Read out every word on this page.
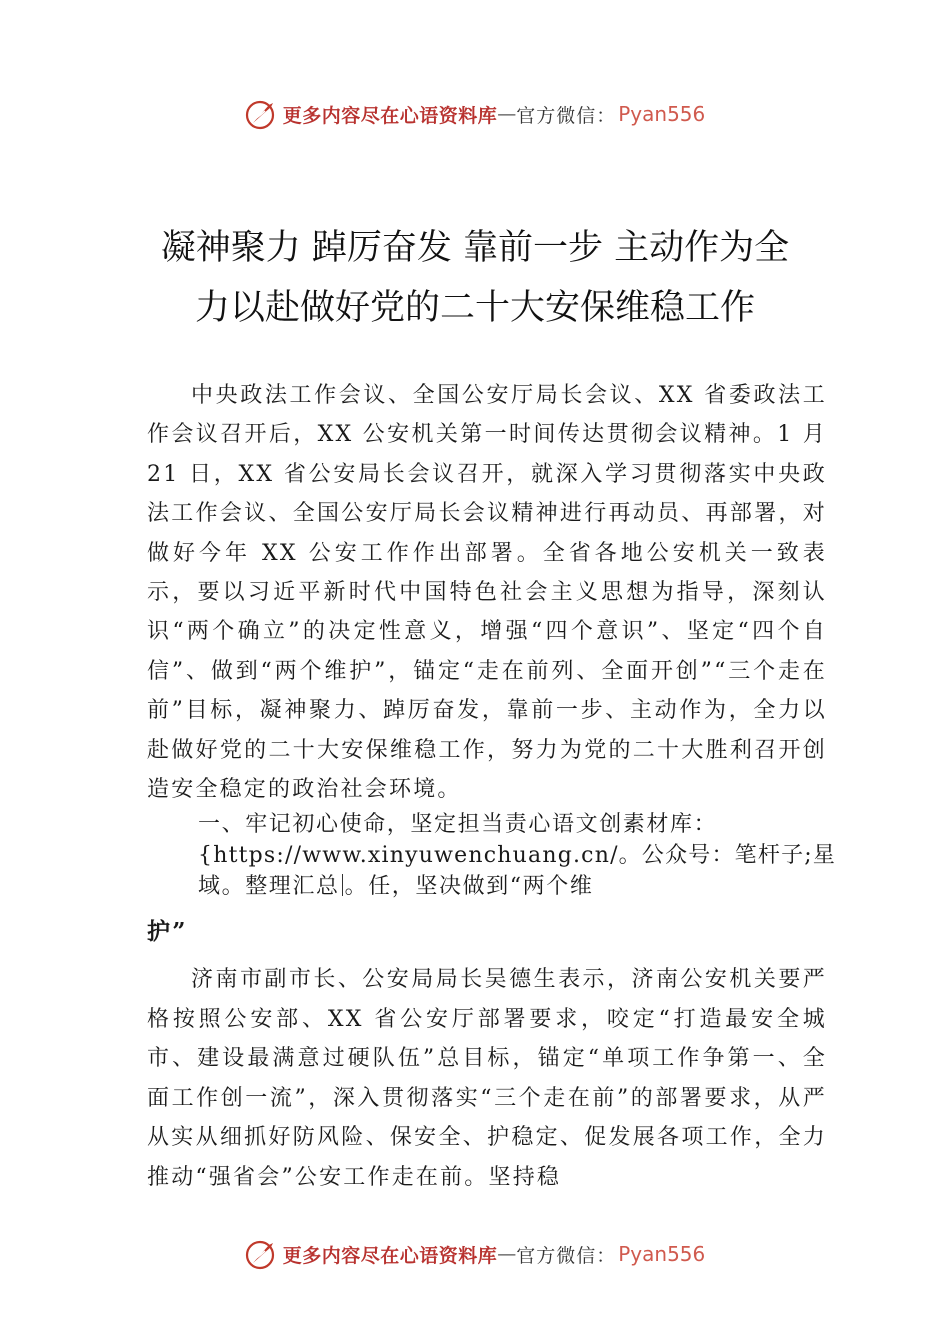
更多内容尽在心语资料库 — 官方微信： Pyan556
凝神聚力 踔厉奋发 靠前一步 主动作为全
力以赴做好党的二十大安保维稳工作

中央政法工作会议、全国公安厅局长会议、XX 省委政法工作会议召开后，XX 公安机关第一时间传达贯彻会议精神。1 月 21 日，XX 省公安局长会议召开，就深入学习贯彻落实中央政法工作会议、全国公安厅局长会议精神进行再动员、再部署，对做好今年 XX 公安工作作出部署。全省各地公安机关一致表示，要以习近平新时代中国特色社会主义思想为指导，深刻认识“两个确立”的决定性意义，增强“四个意识”、坚定“四个自信”、做到“两个维护”，锚定“走在前列、全面开创”“三个走在前”目标，凝神聚力、踔厉奋发，靠前一步、主动作为，全力以赴做好党的二十大安保维稳工作，努力为党的二十大胜利召开创造安全稳定的政治社会环境。

一、牢记初心使命，坚定担当责心语文创素材库：
{https://www.xinyuwenchuang.cn/。公众号：笔杆子;星
域。整理汇总 。任，坚决做到“两个维
护”

济南市副市长、公安局局长吴德生表示，济南公安机关要严格按照公安部、XX 省公安厅部署要求，咬定“打造最安全城市、建设最满意过硬队伍”总目标，锚定“单项工作争第一、全面工作创一流”，深入贯彻落实“三个走在前”的部署要求，从严从实从细抓好防风险、保安全、护稳定、促发展各项工作，全力推动“强省会”公安工作走在前。坚持稳

更多内容尽在心语资料库 — 官方微信： Pyan556
